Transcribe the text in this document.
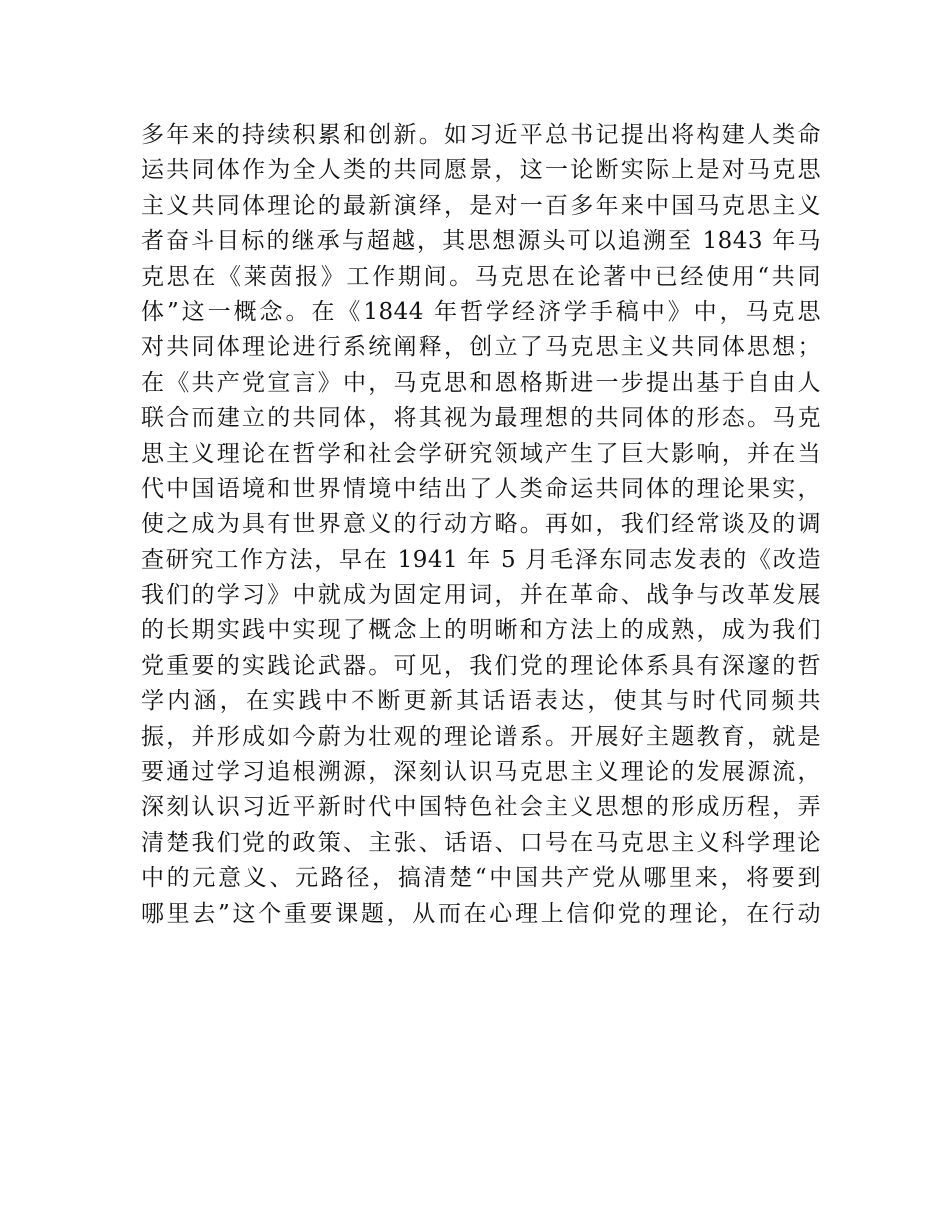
多年来的持续积累和创新。如习近平总书记提出将构建人类命
运共同体作为全人类的共同愿景，这一论断实际上是对马克思
主义共同体理论的最新演绎，是对一百多年来中国马克思主义
者奋斗目标的继承与超越，其思想源头可以追溯至 1843 年马
克思在《莱茵报》工作期间。马克思在论著中已经使用“共同
体”这一概念。在《1844 年哲学经济学手稿中》中，马克思
对共同体理论进行系统阐释，创立了马克思主义共同体思想；
在《共产党宣言》中，马克思和恩格斯进一步提出基于自由人
联合而建立的共同体，将其视为最理想的共同体的形态。马克
思主义理论在哲学和社会学研究领域产生了巨大影响，并在当
代中国语境和世界情境中结出了人类命运共同体的理论果实，
使之成为具有世界意义的行动方略。再如，我们经常谈及的调
查研究工作方法，早在 1941 年 5 月毛泽东同志发表的《改造
我们的学习》中就成为固定用词，并在革命、战争与改革发展
的长期实践中实现了概念上的明晰和方法上的成熟，成为我们
党重要的实践论武器。可见，我们党的理论体系具有深邃的哲
学内涵，在实践中不断更新其话语表达，使其与时代同频共
振，并形成如今蔚为壮观的理论谱系。开展好主题教育，就是
要通过学习追根溯源，深刻认识马克思主义理论的发展源流，
深刻认识习近平新时代中国特色社会主义思想的形成历程，弄
清楚我们党的政策、主张、话语、口号在马克思主义科学理论
中的元意义、元路径，搞清楚“中国共产党从哪里来，将要到
哪里去”这个重要课题，从而在心理上信仰党的理论，在行动
